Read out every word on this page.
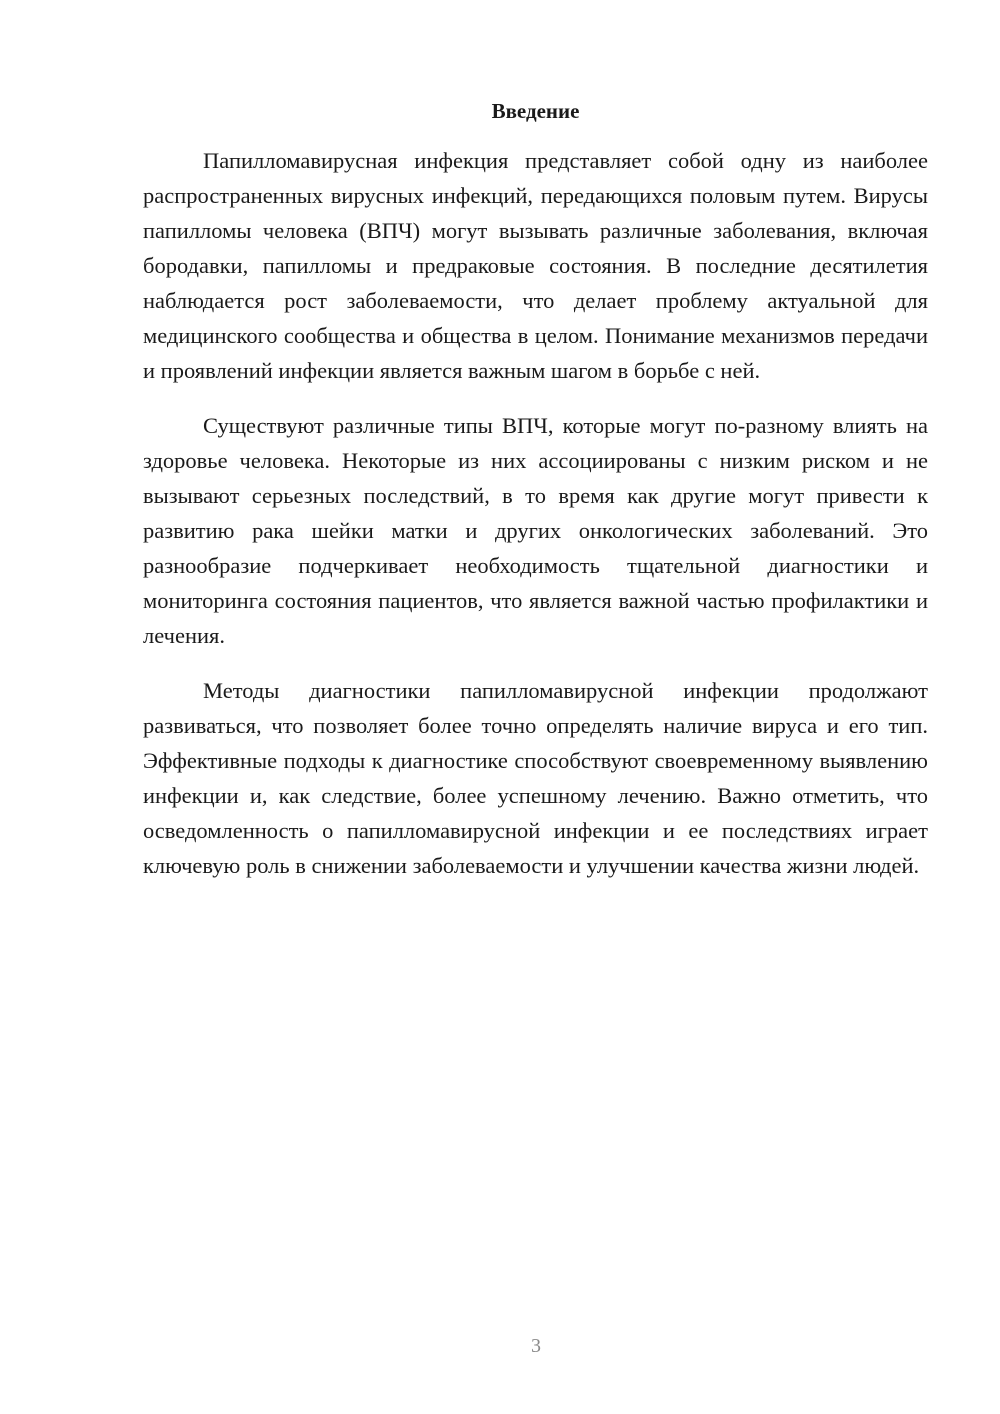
Введение

Папилломавирусная инфекция представляет собой одну из наиболее распространенных вирусных инфекций, передающихся половым путем. Вирусы папилломы человека (ВПЧ) могут вызывать различные заболевания, включая бородавки, папилломы и предраковые состояния. В последние десятилетия наблюдается рост заболеваемости, что делает проблему актуальной для медицинского сообщества и общества в целом. Понимание механизмов передачи и проявлений инфекции является важным шагом в борьбе с ней.

Существуют различные типы ВПЧ, которые могут по-разному влиять на здоровье человека. Некоторые из них ассоциированы с низким риском и не вызывают серьезных последствий, в то время как другие могут привести к развитию рака шейки матки и других онкологических заболеваний. Это разнообразие подчеркивает необходимость тщательной диагностики и мониторинга состояния пациентов, что является важной частью профилактики и лечения.

Методы диагностики папилломавирусной инфекции продолжают развиваться, что позволяет более точно определять наличие вируса и его тип. Эффективные подходы к диагностике способствуют своевременному выявлению инфекции и, как следствие, более успешному лечению. Важно отметить, что осведомленность о папилломавирусной инфекции и ее последствиях играет ключевую роль в снижении заболеваемости и улучшении качества жизни людей.

3
